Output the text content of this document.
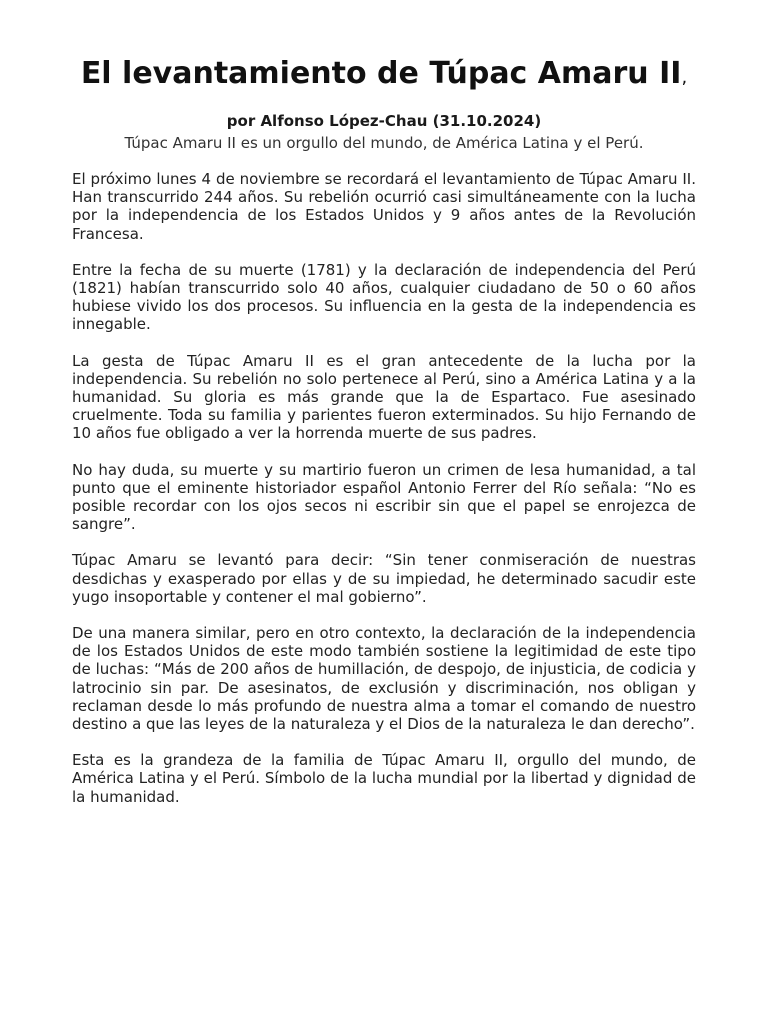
El levantamiento de Túpac Amaru II,

por Alfonso López-Chau (31.10.2024)

Túpac Amaru II es un orgullo del mundo, de América Latina y el Perú.

El próximo lunes 4 de noviembre se recordará el levantamiento de Túpac Amaru II. Han transcurrido 244 años. Su rebelión ocurrió casi simultáneamente con la lucha por la independencia de los Estados Unidos y 9 años antes de la Revolución Francesa.

Entre la fecha de su muerte (1781) y la declaración de independencia del Perú (1821) habían transcurrido solo 40 años, cualquier ciudadano de 50 o 60 años hubiese vivido los dos procesos. Su influencia en la gesta de la independencia es innegable.

La gesta de Túpac Amaru II es el gran antecedente de la lucha por la independencia. Su rebelión no solo pertenece al Perú, sino a América Latina y a la humanidad. Su gloria es más grande que la de Espartaco. Fue asesinado cruelmente. Toda su familia y parientes fueron exterminados. Su hijo Fernando de 10 años fue obligado a ver la horrenda muerte de sus padres.

No hay duda, su muerte y su martirio fueron un crimen de lesa humanidad, a tal punto que el eminente historiador español Antonio Ferrer del Río señala: “No es posible recordar con los ojos secos ni escribir sin que el papel se enrojezca de sangre”.

Túpac Amaru se levantó para decir: “Sin tener conmiseración de nuestras desdichas y exasperado por ellas y de su impiedad, he determinado sacudir este yugo insoportable y contener el mal gobierno”.

De una manera similar, pero en otro contexto, la declaración de la independencia de los Estados Unidos de este modo también sostiene la legitimidad de este tipo de luchas: “Más de 200 años de humillación, de despojo, de injusticia, de codicia y latrocinio sin par. De asesinatos, de exclusión y discriminación, nos obligan y reclaman desde lo más profundo de nuestra alma a tomar el comando de nuestro destino a que las leyes de la naturaleza y el Dios de la naturaleza le dan derecho”.

Esta es la grandeza de la familia de Túpac Amaru II, orgullo del mundo, de América Latina y el Perú. Símbolo de la lucha mundial por la libertad y dignidad de la humanidad.
